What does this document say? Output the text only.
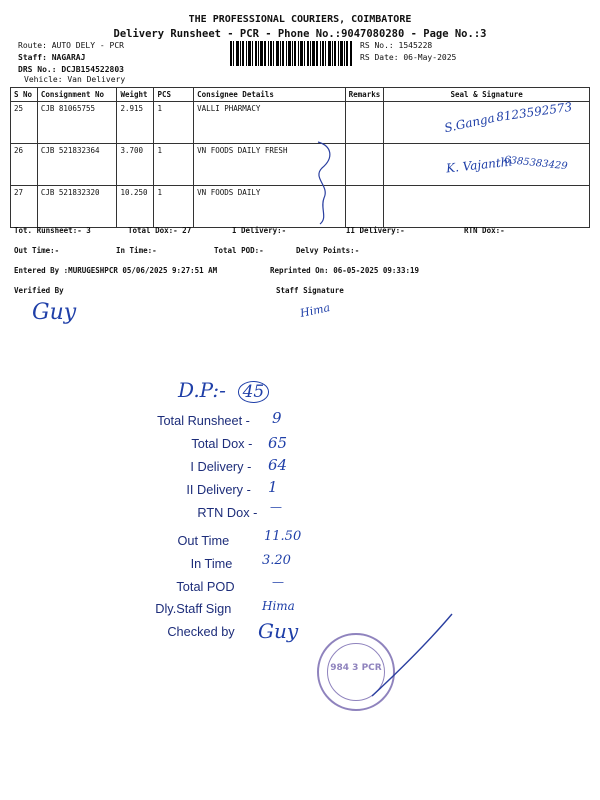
THE PROFESSIONAL COURIERS, COIMBATORE
Delivery Runsheet - PCR - Phone No.:9047080280 - Page No.:3
Route: AUTO DELY - PCR
Staff: NAGARAJ
DRS No.: DCJB154522803
Vehicle: Van Delivery
RS No.: 1545228
RS Date: 06-May-2025
S No	Consignment No	Weight	PCS	Consignee Details	Remarks	Seal & Signature
25	CJB 81065755	2.915	1	VALLI PHARMACY		S.Ganga 8123592573

26	CJB 521832364	3.700	1	VN FOODS DAILY FRESH		K. Vajanthi
6385383429

27	CJB 521832320	10.250	1	VN FOODS DAILY		
Tot. Runsheet:- 3	Total Dox:- 27	I Delivery:-	II Delivery:-	RTN Dox:-
Out Time:-	In Time:-	Total POD:-	Delvy Points:-
Entered By :MURUGESHPCR 05/06/2025 9:27:51 AM	Reprinted On: 06-05-2025 09:33:19
Verified By	Staff Signature
Guy	Hima
D.P:- 45
Total Runsheet - 9
Total Dox - 65
I Delivery - 64
II Delivery - 1
RTN Dox - —
Out Time	11.50
In Time 3.20
Total POD	—
Dly.Staff Sign	Hima
Checked by Guy
984 3 PCR
